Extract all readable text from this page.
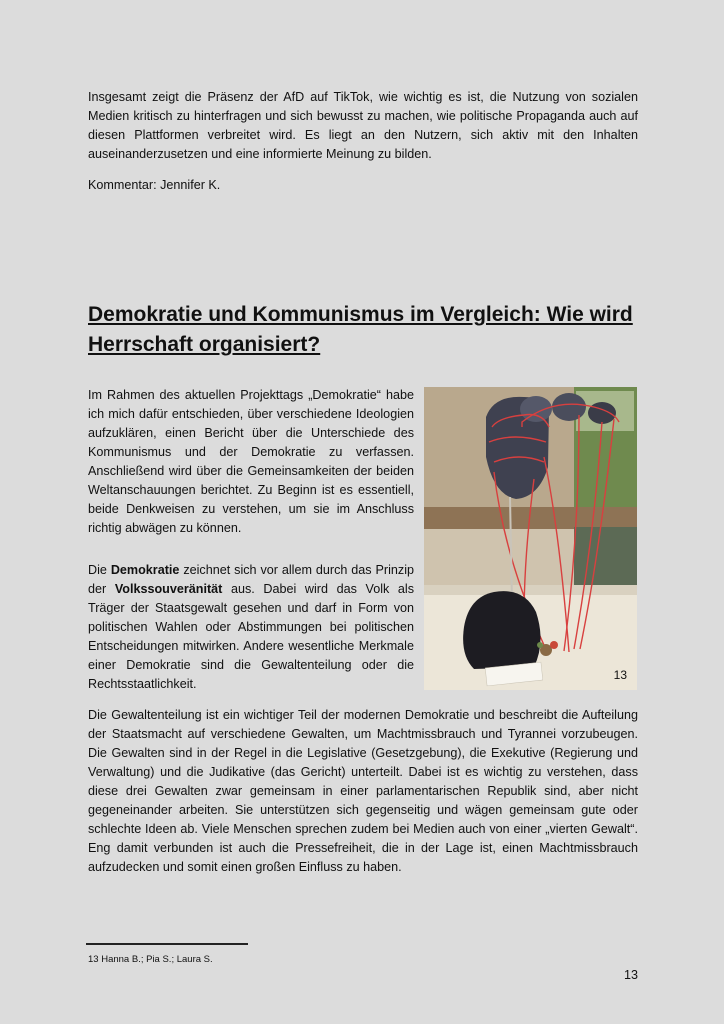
Insgesamt zeigt die Präsenz der AfD auf TikTok, wie wichtig es ist, die Nutzung von sozialen Medien kritisch zu hinterfragen und sich bewusst zu machen, wie politische Propaganda auch auf diesen Plattformen verbreitet wird. Es liegt an den Nutzern, sich aktiv mit den Inhalten auseinanderzusetzen und eine informierte Meinung zu bilden.

Kommentar: Jennifer K.

Demokratie und Kommunismus im Vergleich: Wie wird Herrschaft organisiert?

Im Rahmen des aktuellen Projekttags „Demokratie“ habe ich mich dafür entschieden, über verschiedene Ideologien aufzuklären, einen Bericht über die Unterschiede des Kommunismus und der Demokratie zu verfassen. Anschließend wird über die Gemeinsamkeiten der beiden Weltanschauungen berichtet. Zu Beginn ist es essentiell, beide Denkweisen zu verstehen, um sie im Anschluss richtig abwägen zu können.

13

Die Demokratie zeichnet sich vor allem durch das Prinzip der Volkssouveränität aus. Dabei wird das Volk als Träger der Staatsgewalt gesehen und darf in Form von politischen Wahlen oder Abstimmungen bei politischen Entscheidungen mitwirken. Andere wesentliche Merkmale einer Demokratie sind die Gewaltenteilung oder die Rechtsstaatlichkeit.

Die Gewaltenteilung ist ein wichtiger Teil der modernen Demokratie und beschreibt die Aufteilung der Staatsmacht auf verschiedene Gewalten, um Machtmissbrauch und Tyrannei vorzubeugen. Die Gewalten sind in der Regel in die Legislative (Gesetzgebung), die Exekutive (Regierung und Verwaltung) und die Judikative (das Gericht) unterteilt. Dabei ist es wichtig zu verstehen, dass diese drei Gewalten zwar gemeinsam in einer parlamentarischen Republik sind, aber nicht gegeneinander arbeiten. Sie unterstützen sich gegenseitig und wägen gemeinsam gute oder schlechte Ideen ab. Viele Menschen sprechen zudem bei Medien auch von einer „vierten Gewalt“. Eng damit verbunden ist auch die Pressefreiheit, die in der Lage ist, einen Machtmissbrauch aufzudecken und somit einen großen Einfluss zu haben.

13 Hanna B.; Pia S.; Laura S.
13
